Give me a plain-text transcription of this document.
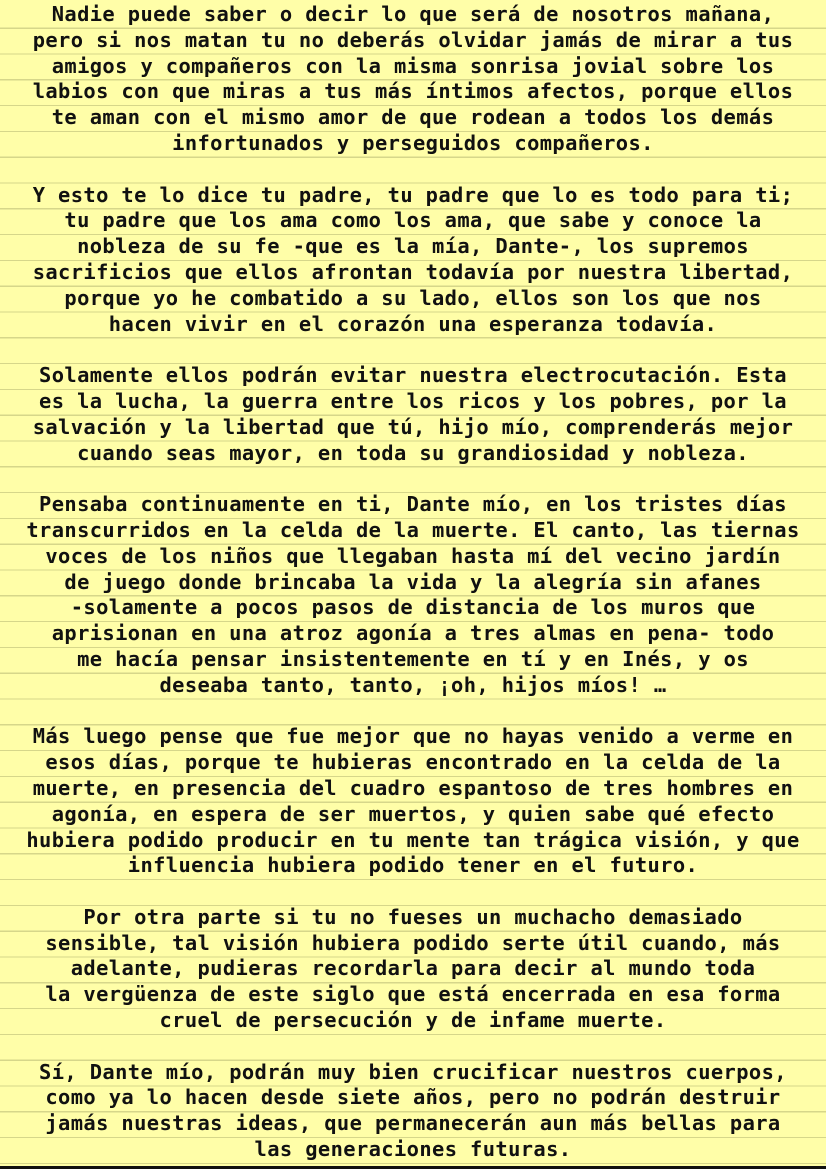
Nadie puede saber o decir lo que será de nosotros mañana,
pero si nos matan tu no deberás olvidar jamás de mirar a tus
amigos y compañeros con la misma sonrisa jovial sobre los
labios con que miras a tus más íntimos afectos, porque ellos
te aman con el mismo amor de que rodean a todos los demás
infortunados y perseguidos compañeros.
Y esto te lo dice tu padre, tu padre que lo es todo para ti;
tu padre que los ama como los ama, que sabe y conoce la
nobleza de su fe -que es la mía, Dante-, los supremos
sacrificios que ellos afrontan todavía por nuestra libertad,
porque yo he combatido a su lado, ellos son los que nos
hacen vivir en el corazón una esperanza todavía.
Solamente ellos podrán evitar nuestra electrocutación. Esta
es la lucha, la guerra entre los ricos y los pobres, por la
salvación y la libertad que tú, hijo mío, comprenderás mejor
cuando seas mayor, en toda su grandiosidad y nobleza.
Pensaba continuamente en ti, Dante mío, en los tristes días
transcurridos en la celda de la muerte. El canto, las tiernas
voces de los niños que llegaban hasta mí del vecino jardín
de juego donde brincaba la vida y la alegría sin afanes
-solamente a pocos pasos de distancia de los muros que
aprisionan en una atroz agonía a tres almas en pena- todo
me hacía pensar insistentemente en tí y en Inés, y os
deseaba tanto, tanto, ¡oh, hijos míos! …
Más luego pense que fue mejor que no hayas venido a verme en
esos días, porque te hubieras encontrado en la celda de la
muerte, en presencia del cuadro espantoso de tres hombres en
agonía, en espera de ser muertos, y quien sabe qué efecto
hubiera podido producir en tu mente tan trágica visión, y que
influencia hubiera podido tener en el futuro.
Por otra parte si tu no fueses un muchacho demasiado
sensible, tal visión hubiera podido serte útil cuando, más
adelante, pudieras recordarla para decir al mundo toda
la vergüenza de este siglo que está encerrada en esa forma
cruel de persecución y de infame muerte.
Sí, Dante mío, podrán muy bien crucificar nuestros cuerpos,
como ya lo hacen desde siete años, pero no podrán destruir
jamás nuestras ideas, que permanecerán aun más bellas para
las generaciones futuras.
